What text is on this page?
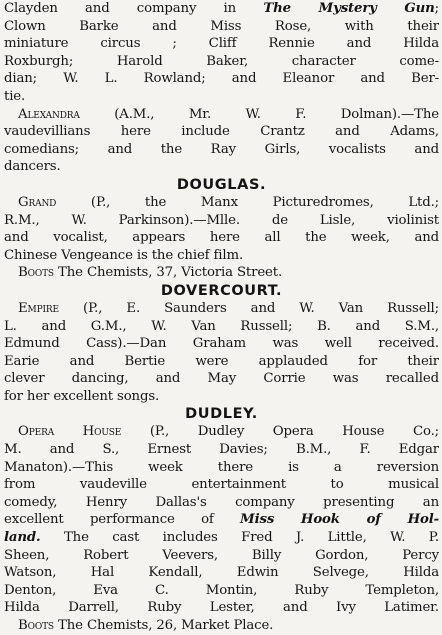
Clayden and company in The Mystery Gun;
Clown Barke and Miss Rose, with their
miniature circus ; Cliff Rennie and Hilda
Roxburgh; Harold Baker, character come-
dian; W. L. Rowland; and Eleanor and Ber-
tie.
Alexandra (A.M., Mr. W. F. Dolman).—The
vaudevillians here include Crantz and Adams,
comedians; and the Ray Girls, vocalists and
dancers.
DOUGLAS.
Grand (P., the Manx Picturedromes, Ltd.;
R.M., W. Parkinson).—Mlle. de Lisle, violinist
and vocalist, appears here all the week, and
Chinese Vengeance is the chief film.
Boots The Chemists, 37, Victoria Street.
DOVERCOURT.
Empire (P., E. Saunders and W. Van Russell;
L. and G.M., W. Van Russell; B. and S.M.,
Edmund Cass).—Dan Graham was well received.
Earie and Bertie were applauded for their
clever dancing, and May Corrie was recalled
for her excellent songs.
DUDLEY.
Opera House (P., Dudley Opera House Co.;
M. and S., Ernest Davies; B.M., F. Edgar
Manaton).—This week there is a reversion
from vaudeville entertainment to musical
comedy, Henry Dallas's company presenting an
excellent performance of Miss Hook of Hol-
land. The cast includes Fred J. Little, W. P.
Sheen, Robert Veevers, Billy Gordon, Percy
Watson, Hal Kendall, Edwin Selvege, Hilda
Denton, Eva C. Montin, Ruby Templeton,
Hilda Darrell, Ruby Lester, and Ivy Latimer.
Boots The Chemists, 26, Market Place.
